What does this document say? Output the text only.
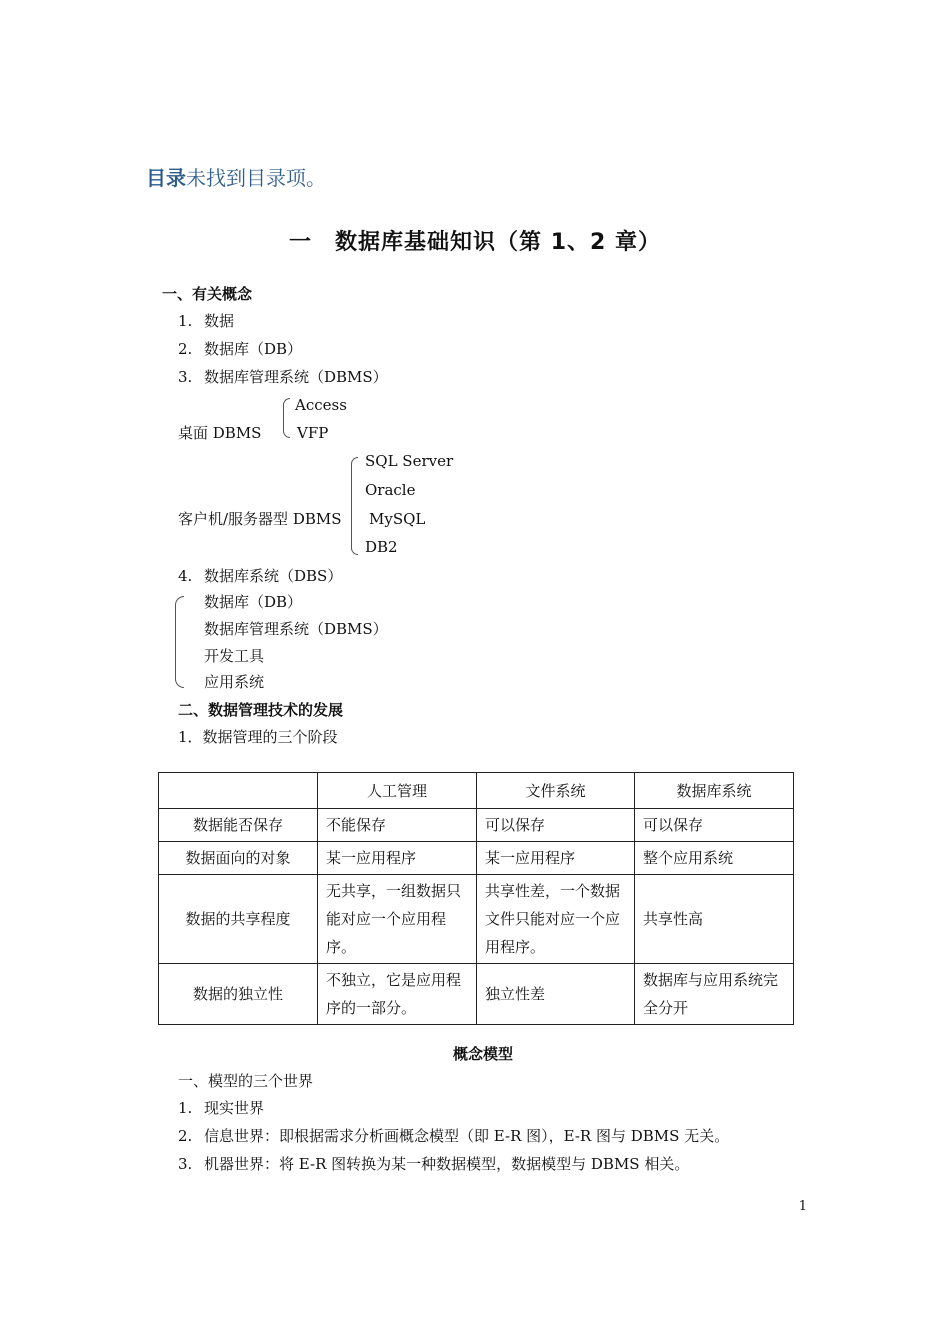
目录未找到目录项。
一　数据库基础知识（第 1、2 章）
一、有关概念
1. 数据
2. 数据库（DB）
3. 数据库管理系统（DBMS）
Access
桌面 DBMS VFP
SQL Server
Oracle
客户机/服务器型 DBMS MySQL
DB2
4. 数据库系统（DBS）
数据库（DB）
数据库管理系统（DBMS）
开发工具
应用系统
二、数据管理技术的发展
1．数据管理的三个阶段
	人工管理	文件系统	数据库系统
数据能否保存	不能保存	可以保存	可以保存
数据面向的对象	某一应用程序	某一应用程序	整个应用系统
数据的共享程度	无共享，一组数据只能对应一个应用程序。	共享性差，一个数据文件只能对应一个应用程序。	共享性高
数据的独立性	不独立，它是应用程序的一部分。	独立性差	数据库与应用系统完全分开
概念模型
一、模型的三个世界
1. 现实世界
2. 信息世界：即根据需求分析画概念模型（即 E-R 图），E-R 图与 DBMS 无关。
3. 机器世界：将 E-R 图转换为某一种数据模型，数据模型与 DBMS 相关。
1
